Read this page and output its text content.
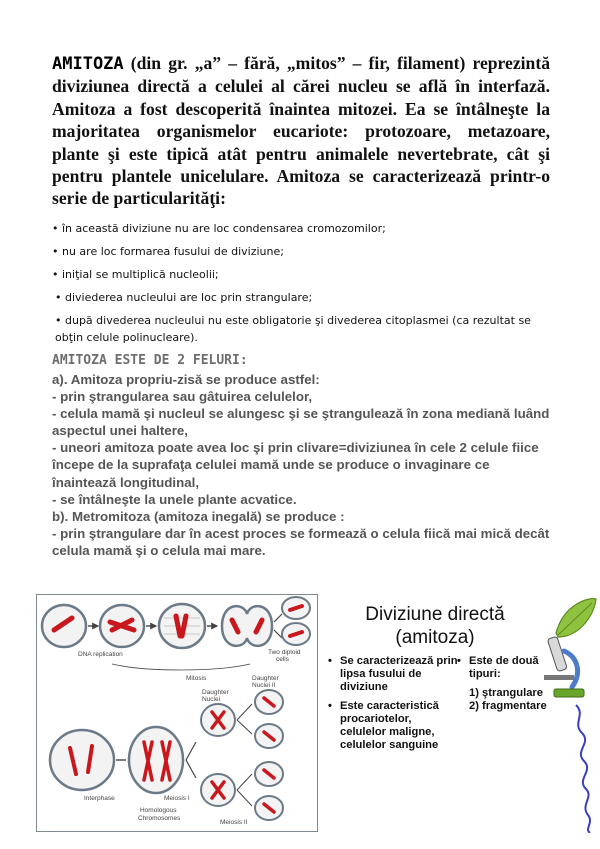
AMITOZA (din gr. „a” – fără, „mitos” – fir, filament) reprezintă diviziunea directă a celulei al cărei nucleu se află în interfază. Amitoza a fost descoperită înaintea mitozei. Ea se întâlneşte la majoritatea organismelor eucariote: protozoare, metazoare, plante şi este tipică atât pentru animalele nevertebrate, cât şi pentru plantele unicelulare. Amitoza se caracterizează printr-o serie de particularităţi:

• în această diviziune nu are loc condensarea cromozomilor;
• nu are loc formarea fusului de diviziune;
• iniţial se multiplică nucleolii;
• diviederea nucleului are loc prin strangulare;
• după divederea nucleului nu este obligatorie şi divederea citoplasmei (ca rezultat se obţin celule polinucleare).
AMITOZA ESTE DE 2 FELURI:

a). Amitoza propriu-zisă se produce astfel:

- prin ştrangularea sau gâtuirea celulelor,

- celula mamă şi nucleul se alungesc şi se ştrangulează în zona mediană luând aspectul unei haltere,

- uneori amitoza poate avea loc şi prin clivare=diviziunea în cele 2 celule fiice începe de la suprafaţa celulei mamă unde se produce o invaginare ce înaintează longitudinal,

- se întâlneşte la unele plante acvatice.

b). Metromitoza (amitoza inegală) se produce :

- prin ştrangulare dar în acest proces se formează o celula fiică mai mică decât celula mamă şi o celula mai mare.

DNA replication	Two diploid
cells
Mitosis
Daughter
Nuclei
Daughter
Nuclei II
Interphase	Meiosis I
Homologous
Chromosomes
Meiosis II
Diviziune directă
(amitoza)
• Se caracterizează prin lipsa fusului de diviziune
• Este caracteristică procariotelor, celulelor maligne, celulelor sanguine
• Este de două tipuri:
1) ştrangulare
2) fragmentare
